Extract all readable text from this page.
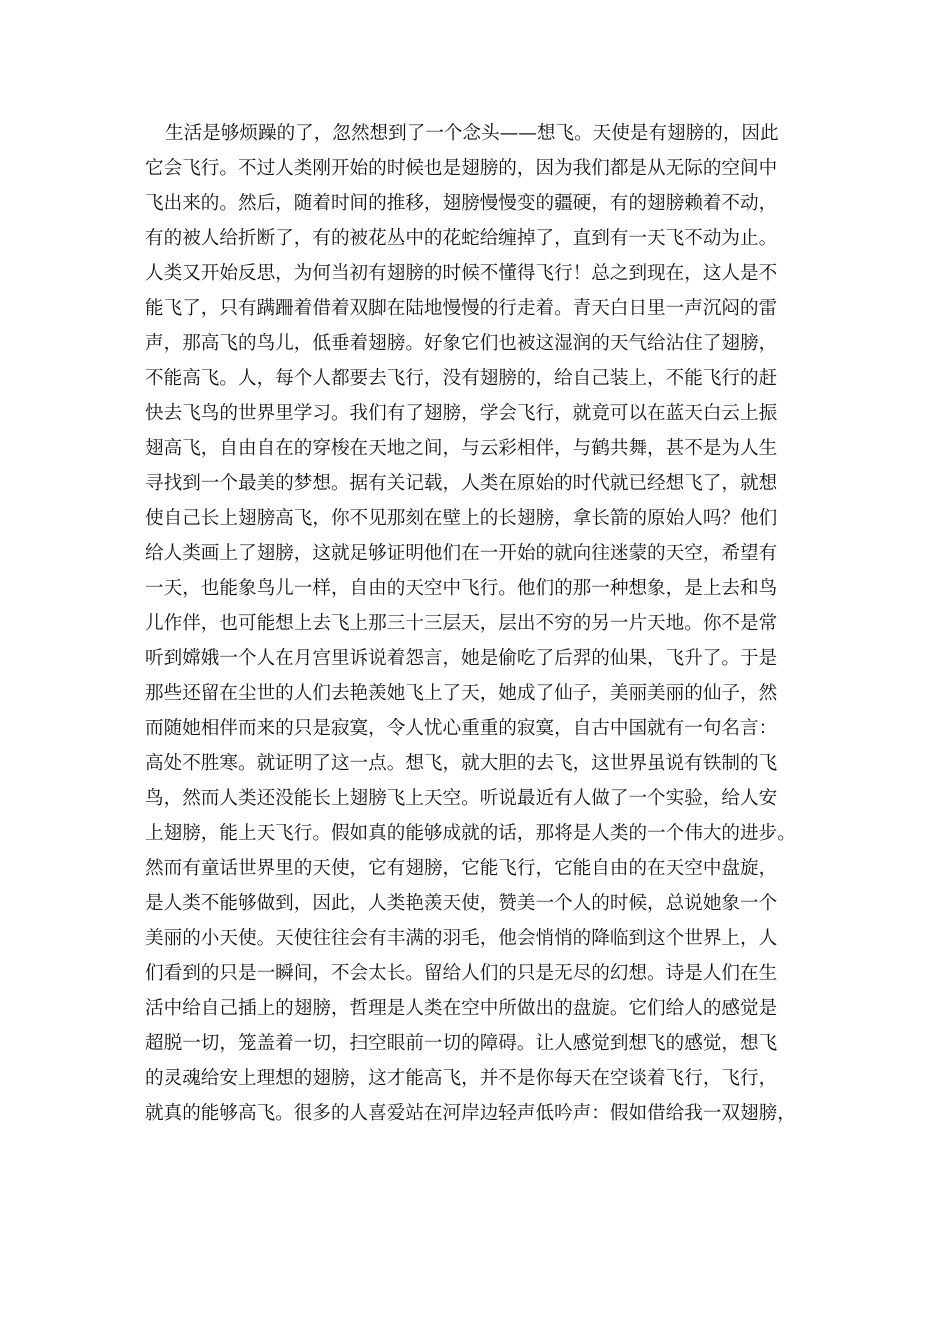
生活是够烦躁的了，忽然想到了一个念头——想飞。天使是有翅膀的，因此
它会飞行。不过人类刚开始的时候也是翅膀的，因为我们都是从无际的空间中
飞出来的。然后，随着时间的推移，翅膀慢慢变的疆硬，有的翅膀赖着不动，
有的被人给折断了，有的被花丛中的花蛇给缠掉了，直到有一天飞不动为止。
人类又开始反思，为何当初有翅膀的时候不懂得飞行！总之到现在，这人是不
能飞了，只有蹒跚着借着双脚在陆地慢慢的行走着。青天白日里一声沉闷的雷
声，那高飞的鸟儿，低垂着翅膀。好象它们也被这湿润的天气给沾住了翅膀，
不能高飞。人，每个人都要去飞行，没有翅膀的，给自己装上，不能飞行的赶
快去飞鸟的世界里学习。我们有了翅膀，学会飞行，就竟可以在蓝天白云上振
翅高飞，自由自在的穿梭在天地之间，与云彩相伴，与鹤共舞，甚不是为人生
寻找到一个最美的梦想。据有关记载，人类在原始的时代就已经想飞了，就想
使自己长上翅膀高飞，你不见那刻在壁上的长翅膀，拿长箭的原始人吗？他们
给人类画上了翅膀，这就足够证明他们在一开始的就向往迷蒙的天空，希望有
一天，也能象鸟儿一样，自由的天空中飞行。他们的那一种想象，是上去和鸟
儿作伴，也可能想上去飞上那三十三层天，层出不穷的另一片天地。你不是常
听到嫦娥一个人在月宫里诉说着怨言，她是偷吃了后羿的仙果，飞升了。于是
那些还留在尘世的人们去艳羡她飞上了天，她成了仙子，美丽美丽的仙子，然
而随她相伴而来的只是寂寞，令人忧心重重的寂寞，自古中国就有一句名言：
高处不胜寒。就证明了这一点。想飞，就大胆的去飞，这世界虽说有铁制的飞
鸟，然而人类还没能长上翅膀飞上天空。听说最近有人做了一个实验，给人安
上翅膀，能上天飞行。假如真的能够成就的话，那将是人类的一个伟大的进步。
然而有童话世界里的天使，它有翅膀，它能飞行，它能自由的在天空中盘旋，
是人类不能够做到，因此，人类艳羡天使，赞美一个人的时候，总说她象一个
美丽的小天使。天使往往会有丰满的羽毛，他会悄悄的降临到这个世界上，人
们看到的只是一瞬间，不会太长。留给人们的只是无尽的幻想。诗是人们在生
活中给自己插上的翅膀，哲理是人类在空中所做出的盘旋。它们给人的感觉是
超脱一切，笼盖着一切，扫空眼前一切的障碍。让人感觉到想飞的感觉，想飞
的灵魂给安上理想的翅膀，这才能高飞，并不是你每天在空谈着飞行，飞行，
就真的能够高飞。很多的人喜爱站在河岸边轻声低吟声：假如借给我一双翅膀，
